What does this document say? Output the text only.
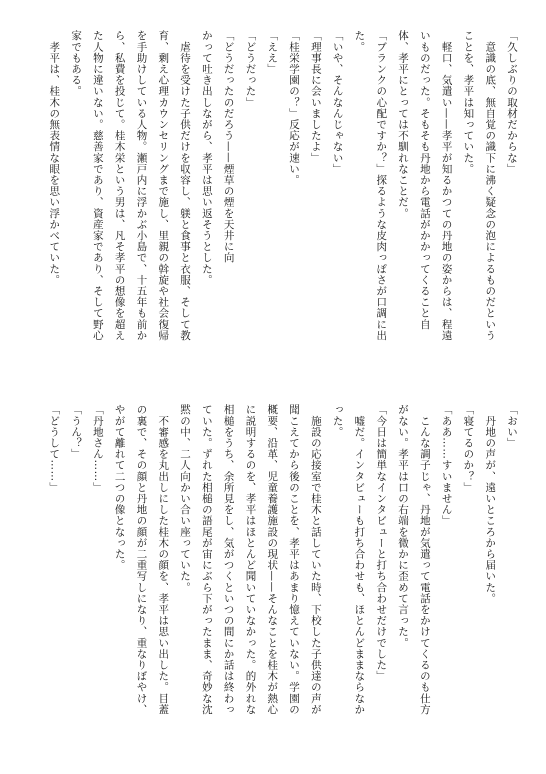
「久しぶりの取材だからな」
　意識の底、無自覚の識下に沸く疑念の泡によるものだという
ことを、孝平は知っていた。
　軽口、気遣い——孝平が知るかつての丹地の姿からは、程遠
いものだった。そもそも丹地から電話がかかってくること自
体、孝平にとっては不馴れなことだ。
「ブランクの心配ですか？」探るような皮肉っぽさが口調に出
た。
「いや、そんなんじゃない」
「理事長に会いましたよ」
「桂栄学園の？」反応が速い。
「ええ」
「どうだった」
「どうだったのだろう——煙草の煙を天井に向
かって吐き出しながら、孝平は思い返そうとした。
　虐待を受けた子供だけを収容し、躾と食事と衣服、そして教
育、剰え心理カウンセリングまで施し、里親の斡旋や社会復帰
を手助けしている人物。瀬戸内に浮かぶ小島で、十五年も前か
ら、私費を投じて。桂木栄という男は、凡そ孝平の想像を超え
た人物に違いない。慈善家であり、資産家であり、そして野心
家でもある。
　孝平は、桂木の無表情な眼を思い浮かべていた。
「おい」
　丹地の声が、遠いところから届いた。
「寝てるのか？」
「ああ……すいません」
　こんな調子じゃ、丹地が気遣って電話をかけてくるのも仕方
がない。孝平は口の右端を微かに歪めて言った。
「今日は簡単なインタビューと打ち合わせだけでした」
　嘘だ。インタビューも打ち合わせも、ほとんどままならなか
った。
　施設の応接室で桂木と話していた時、下校した子供達の声が
聞こえてから後のことを、孝平はあまり憶えていない。学園の
概要、沿革、児童養護施設の現状——そんなことを桂木が熱心
に説明するのを、孝平はほとんど聞いていなかった。的外れな
相槌をうち、余所見をし、気がつくといつの間にか話は終わっ
ていた。ずれた相槌の語尾が宙にぶら下がったまま、奇妙な沈
黙の中、二人向かい合い座っていた。
　不審感を丸出しにした桂木の顔を、孝平は思い出した。目蓋
の裏で、その顔と丹地の顔が二重写しになり、重なりぼやけ、
やがて離れて二つの像となった。
「丹地さん……」
「うん？」
「どうして……」
